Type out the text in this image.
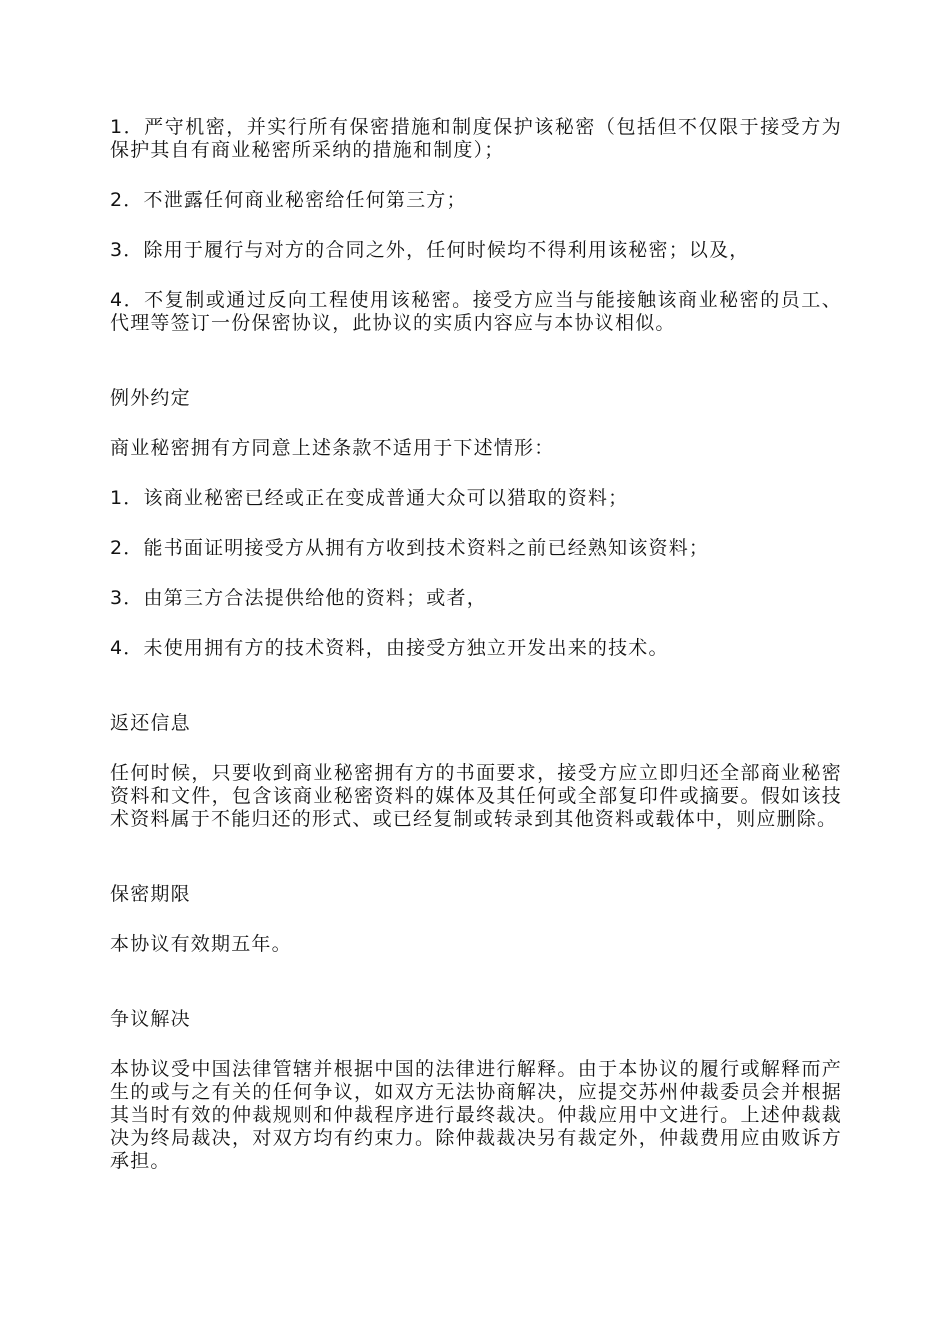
1．严守机密，并实行所有保密措施和制度保护该秘密（包括但不仅限于接受方为保护其自有商业秘密所采纳的措施和制度）；

2．不泄露任何商业秘密给任何第三方；

3．除用于履行与对方的合同之外，任何时候均不得利用该秘密；以及，

4．不复制或通过反向工程使用该秘密。接受方应当与能接触该商业秘密的员工、代理等签订一份保密协议，此协议的实质内容应与本协议相似。

例外约定

商业秘密拥有方同意上述条款不适用于下述情形：

1．该商业秘密已经或正在变成普通大众可以猎取的资料；

2．能书面证明接受方从拥有方收到技术资料之前已经熟知该资料；

3．由第三方合法提供给他的资料；或者，

4．未使用拥有方的技术资料，由接受方独立开发出来的技术。

返还信息

任何时候，只要收到商业秘密拥有方的书面要求，接受方应立即归还全部商业秘密资料和文件，包含该商业秘密资料的媒体及其任何或全部复印件或摘要。假如该技术资料属于不能归还的形式、或已经复制或转录到其他资料或载体中，则应删除。

保密期限

本协议有效期五年。

争议解决

本协议受中国法律管辖并根据中国的法律进行解释。由于本协议的履行或解释而产生的或与之有关的任何争议，如双方无法协商解决，应提交苏州仲裁委员会并根据其当时有效的仲裁规则和仲裁程序进行最终裁决。仲裁应用中文进行。上述仲裁裁决为终局裁决，对双方均有约束力。除仲裁裁决另有裁定外，仲裁费用应由败诉方承担。
